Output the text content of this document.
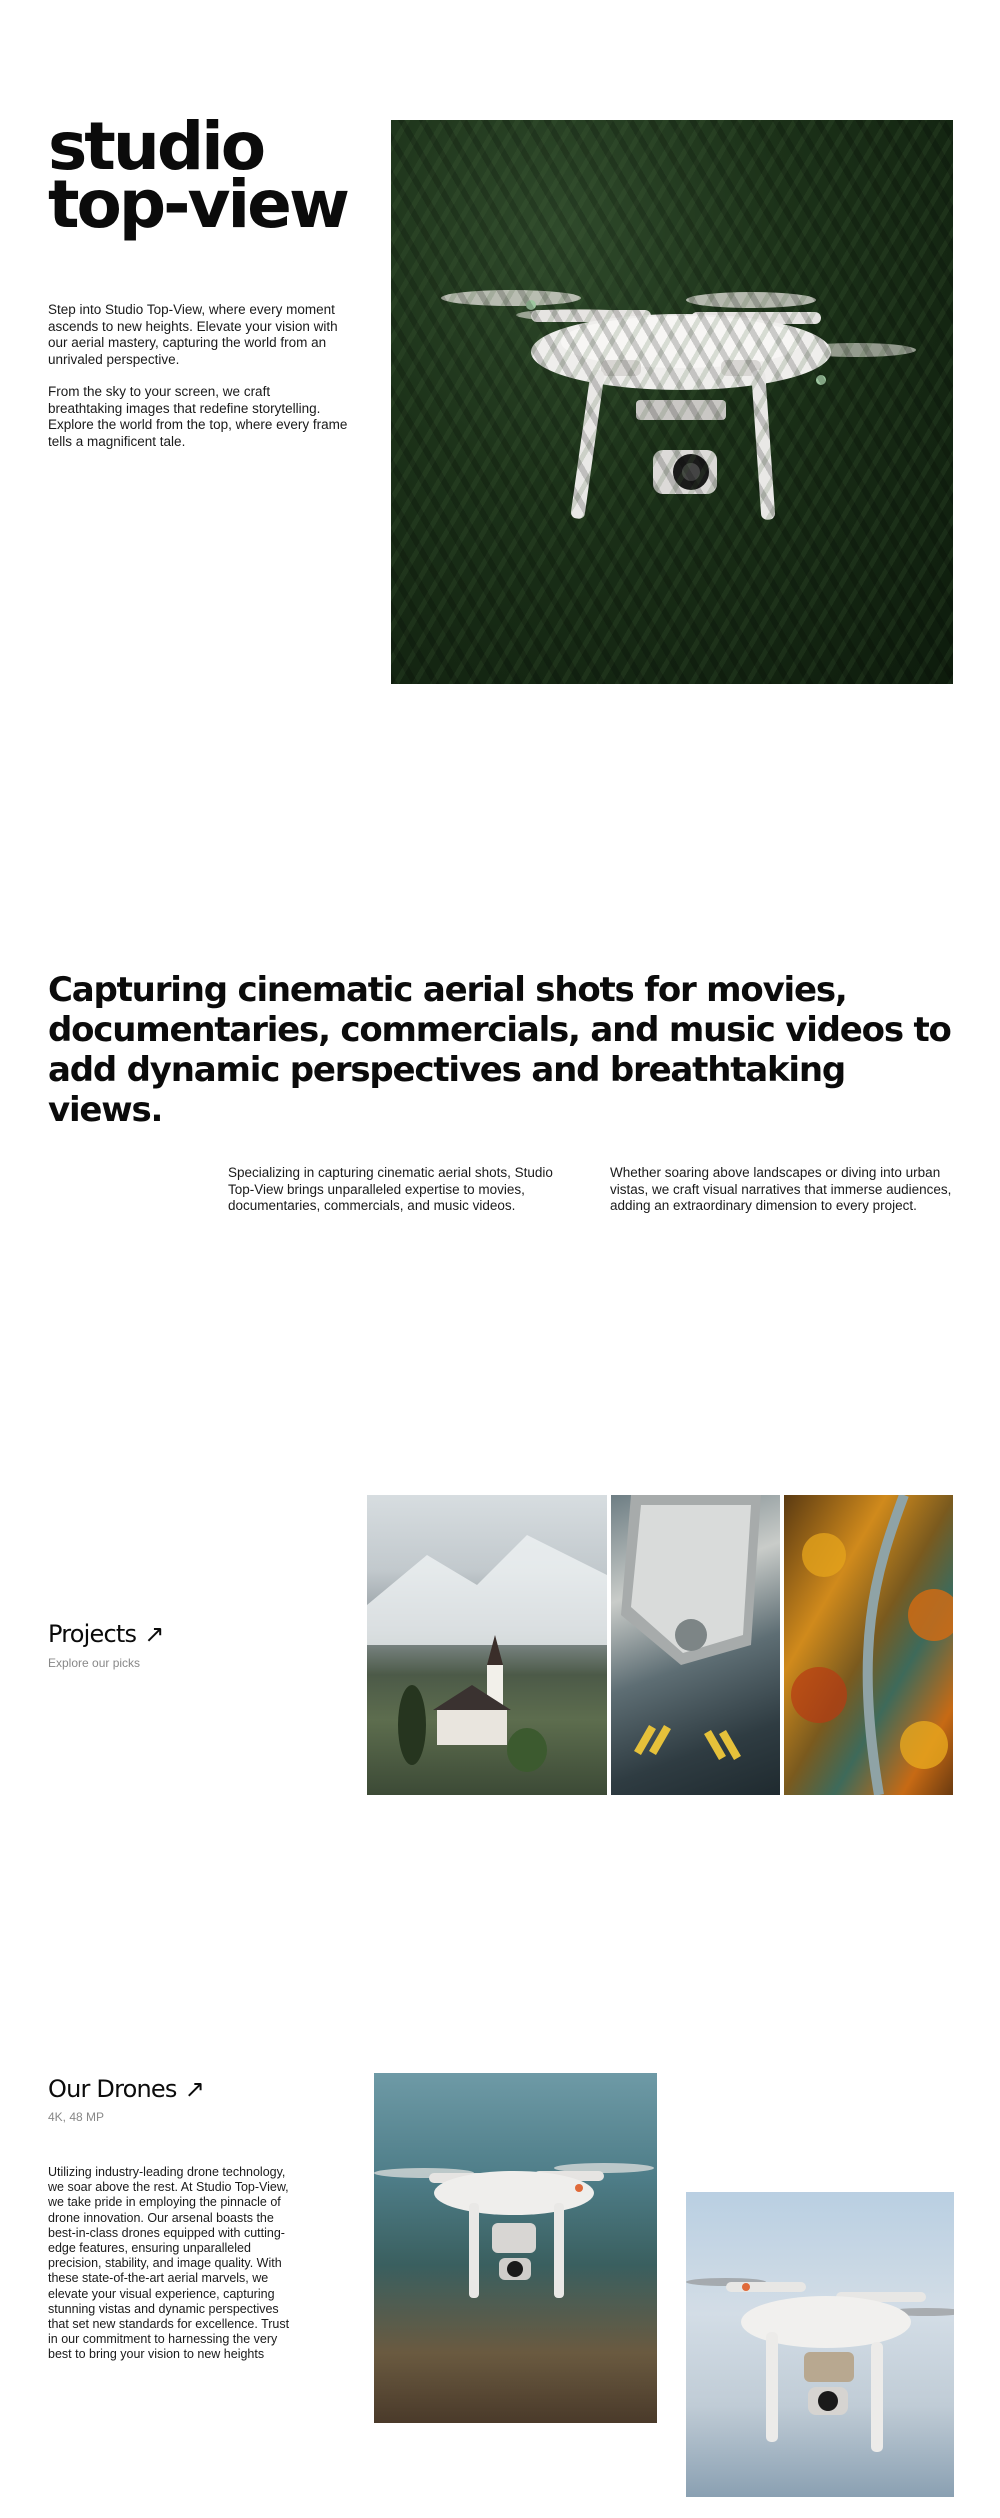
studio
top-view

Step into Studio Top-View, where every moment ascends to new heights. Elevate your vision with our aerial mastery, capturing the world from an unrivaled perspective.

From the sky to your screen, we craft breathtaking images that redefine storytelling. Explore the world from the top, where every frame tells a magnificent tale.

Capturing cinematic aerial shots for movies, documentaries, commercials, and music videos to add dynamic perspectives and breathtaking views.

Specializing in capturing cinematic aerial shots, Studio Top-View brings unparalleled expertise to movies, documentaries, commercials, and music videos.

Whether soaring above landscapes or diving into urban vistas, we craft visual narratives that immerse audiences, adding an extraordinary dimension to every project.

Projects ↗
Explore our picks
Our Drones ↗
4K, 48 MP

Utilizing industry-leading drone technology, we soar above the rest. At Studio Top-View, we take pride in employing the pinnacle of drone innovation. Our arsenal boasts the best-in-class drones equipped with cutting-edge features, ensuring unparalleled precision, stability, and image quality. With these state-of-the-art aerial marvels, we elevate your visual experience, capturing stunning vistas and dynamic perspectives that set new standards for excellence. Trust in our commitment to harnessing the very best to bring your vision to new heights
